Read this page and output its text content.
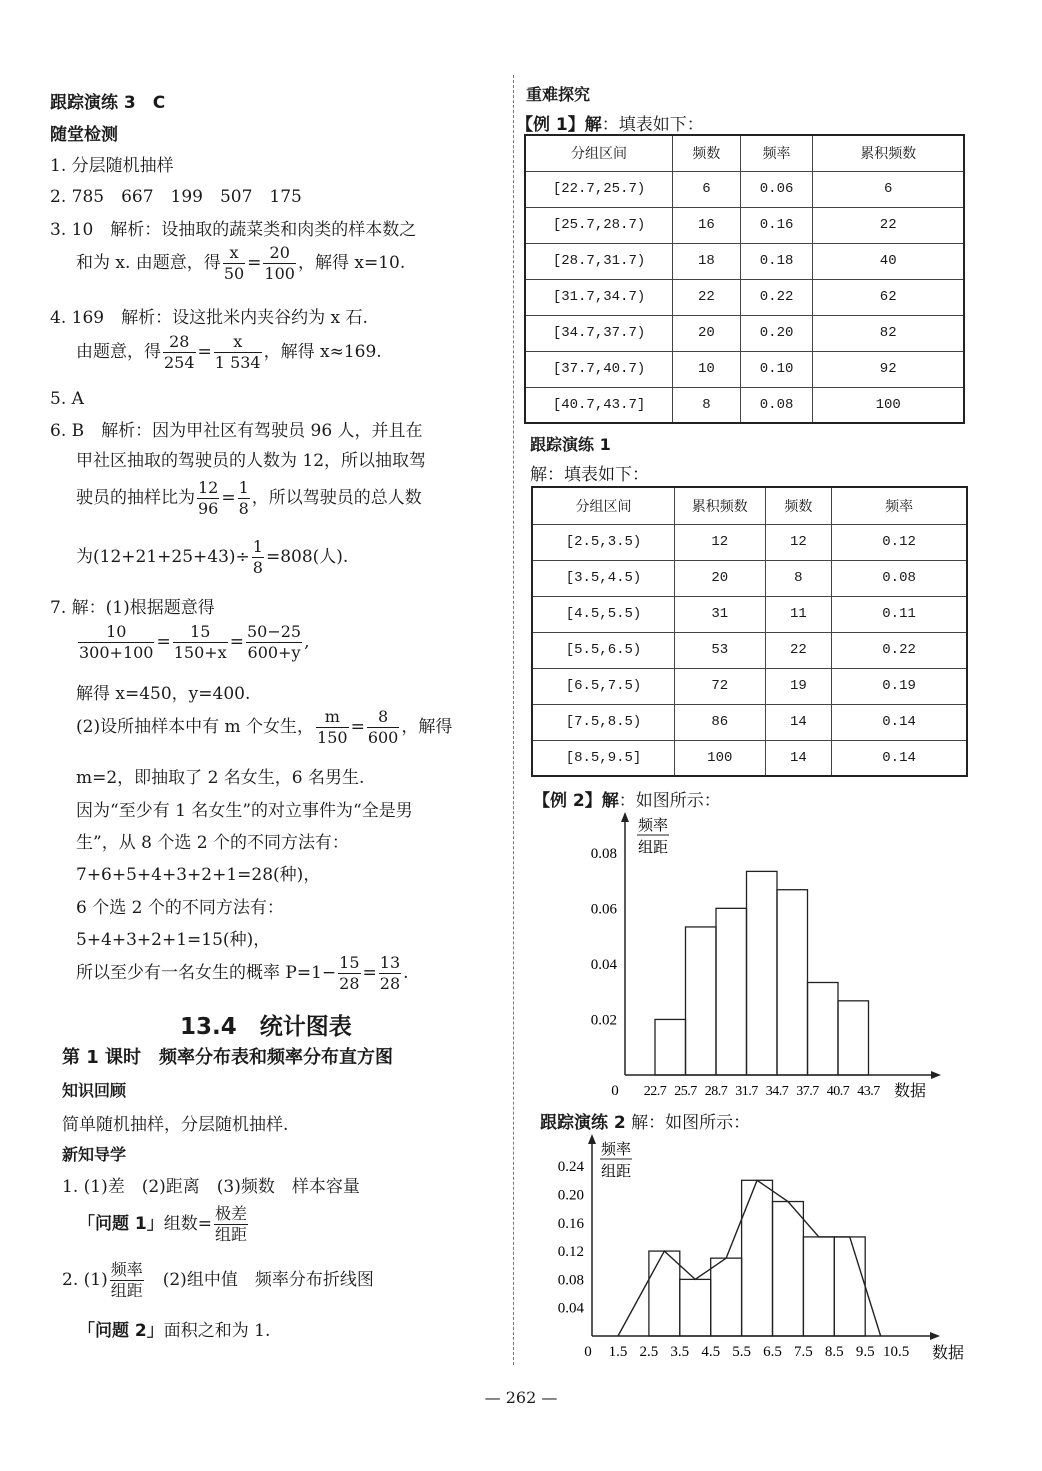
跟踪演练 3　C
随堂检测
1. 分层随机抽样
2. 785　667　199　507　175
3. 10　解析：设抽取的蔬菜类和肉类的样本数之
和为 x. 由题意，得 $\frac{x}{50} = \frac{20}{100}$ ，解得 x=10.
4. 169　解析：设这批米内夹谷约为 x 石.
由题意，得 $\frac{28}{254} = \frac{x}{1 534}$ ，解得 x≈169.
5. A
6. B　解析：因为甲社区有驾驶员 96 人，并且在
甲社区抽取的驾驶员的人数为 12，所以抽取驾
驶员的抽样比为 $\frac{12}{96} = \frac{1}{8}$ ，所以驾驶员的总人数
为$(12+21+25+43)\div \frac{1}{8} =808$(人).
7. 解：(1)根据题意得
$\frac{10}{300+100} = \frac{15}{150+x} = \frac{50-25}{600+y}$ ,
解得 x=450，y=400.
(2)设所抽样本中有 m 个女生， $\frac{m}{150} = \frac{8}{600}$ ，解得
m=2，即抽取了 2 名女生，6 名男生.
因为“至少有 1 名女生”的对立事件为“全是男
生”，从 8 个选 2 个的不同方法有：
7+6+5+4+3+2+1=28(种)，
6 个选 2 个的不同方法有：
5+4+3+2+1=15(种)，
所以至少有一名女生的概率 $P=1- \frac{15}{28} = \frac{13}{28}$ .
13.4　统计图表
第 1 课时　频率分布表和频率分布直方图
知识回顾
简单随机抽样，分层随机抽样.
新知导学
1. (1)差　(2)距离　(3)频数　样本容量
「问题 1」组数= $\frac{\text{极差}}{\text{组距}}$
2. $(1) \frac{\text{频率}}{\text{组距}}$ 　(2)组中值　频率分布折线图
「问题 2」面积之和为 1.
重难探究
【例 1】解：填表如下：
分组区间	频数	频率	累积频数
[22.7,25.7)	6	0.06	6
[25.7,28.7)	16	0.16	22
[28.7,31.7)	18	0.18	40
[31.7,34.7)	22	0.22	62
[34.7,37.7)	20	0.20	82
[37.7,40.7)	10	0.10	92
[40.7,43.7]	8	0.08	100
跟踪演练 1
解：填表如下：
分组区间	累积频数	频数	频率
[2.5,3.5)	12	12	0.12
[3.5,4.5)	20	8	0.08
[4.5,5.5)	31	11	0.11
[5.5,6.5)	53	22	0.22
[6.5,7.5)	72	19	0.19
[7.5,8.5)	86	14	0.14
[8.5,9.5]	100	14	0.14
【例 2】解：如图所示：
0.02
0.04
0.06
0.08
22.7 25.7 28.7 31.7 34.7 37.7 40.7 43.7
0	数据
频率
组距
跟踪演练 2 解：如图所示：
0.04
0.08
0.12
0.16
0.20
0.24
1.5 2.5 3.5 4.5 5.5 6.5 7.5 8.5 9.5 10.5
0	数据
频率
组距
— 262 —
